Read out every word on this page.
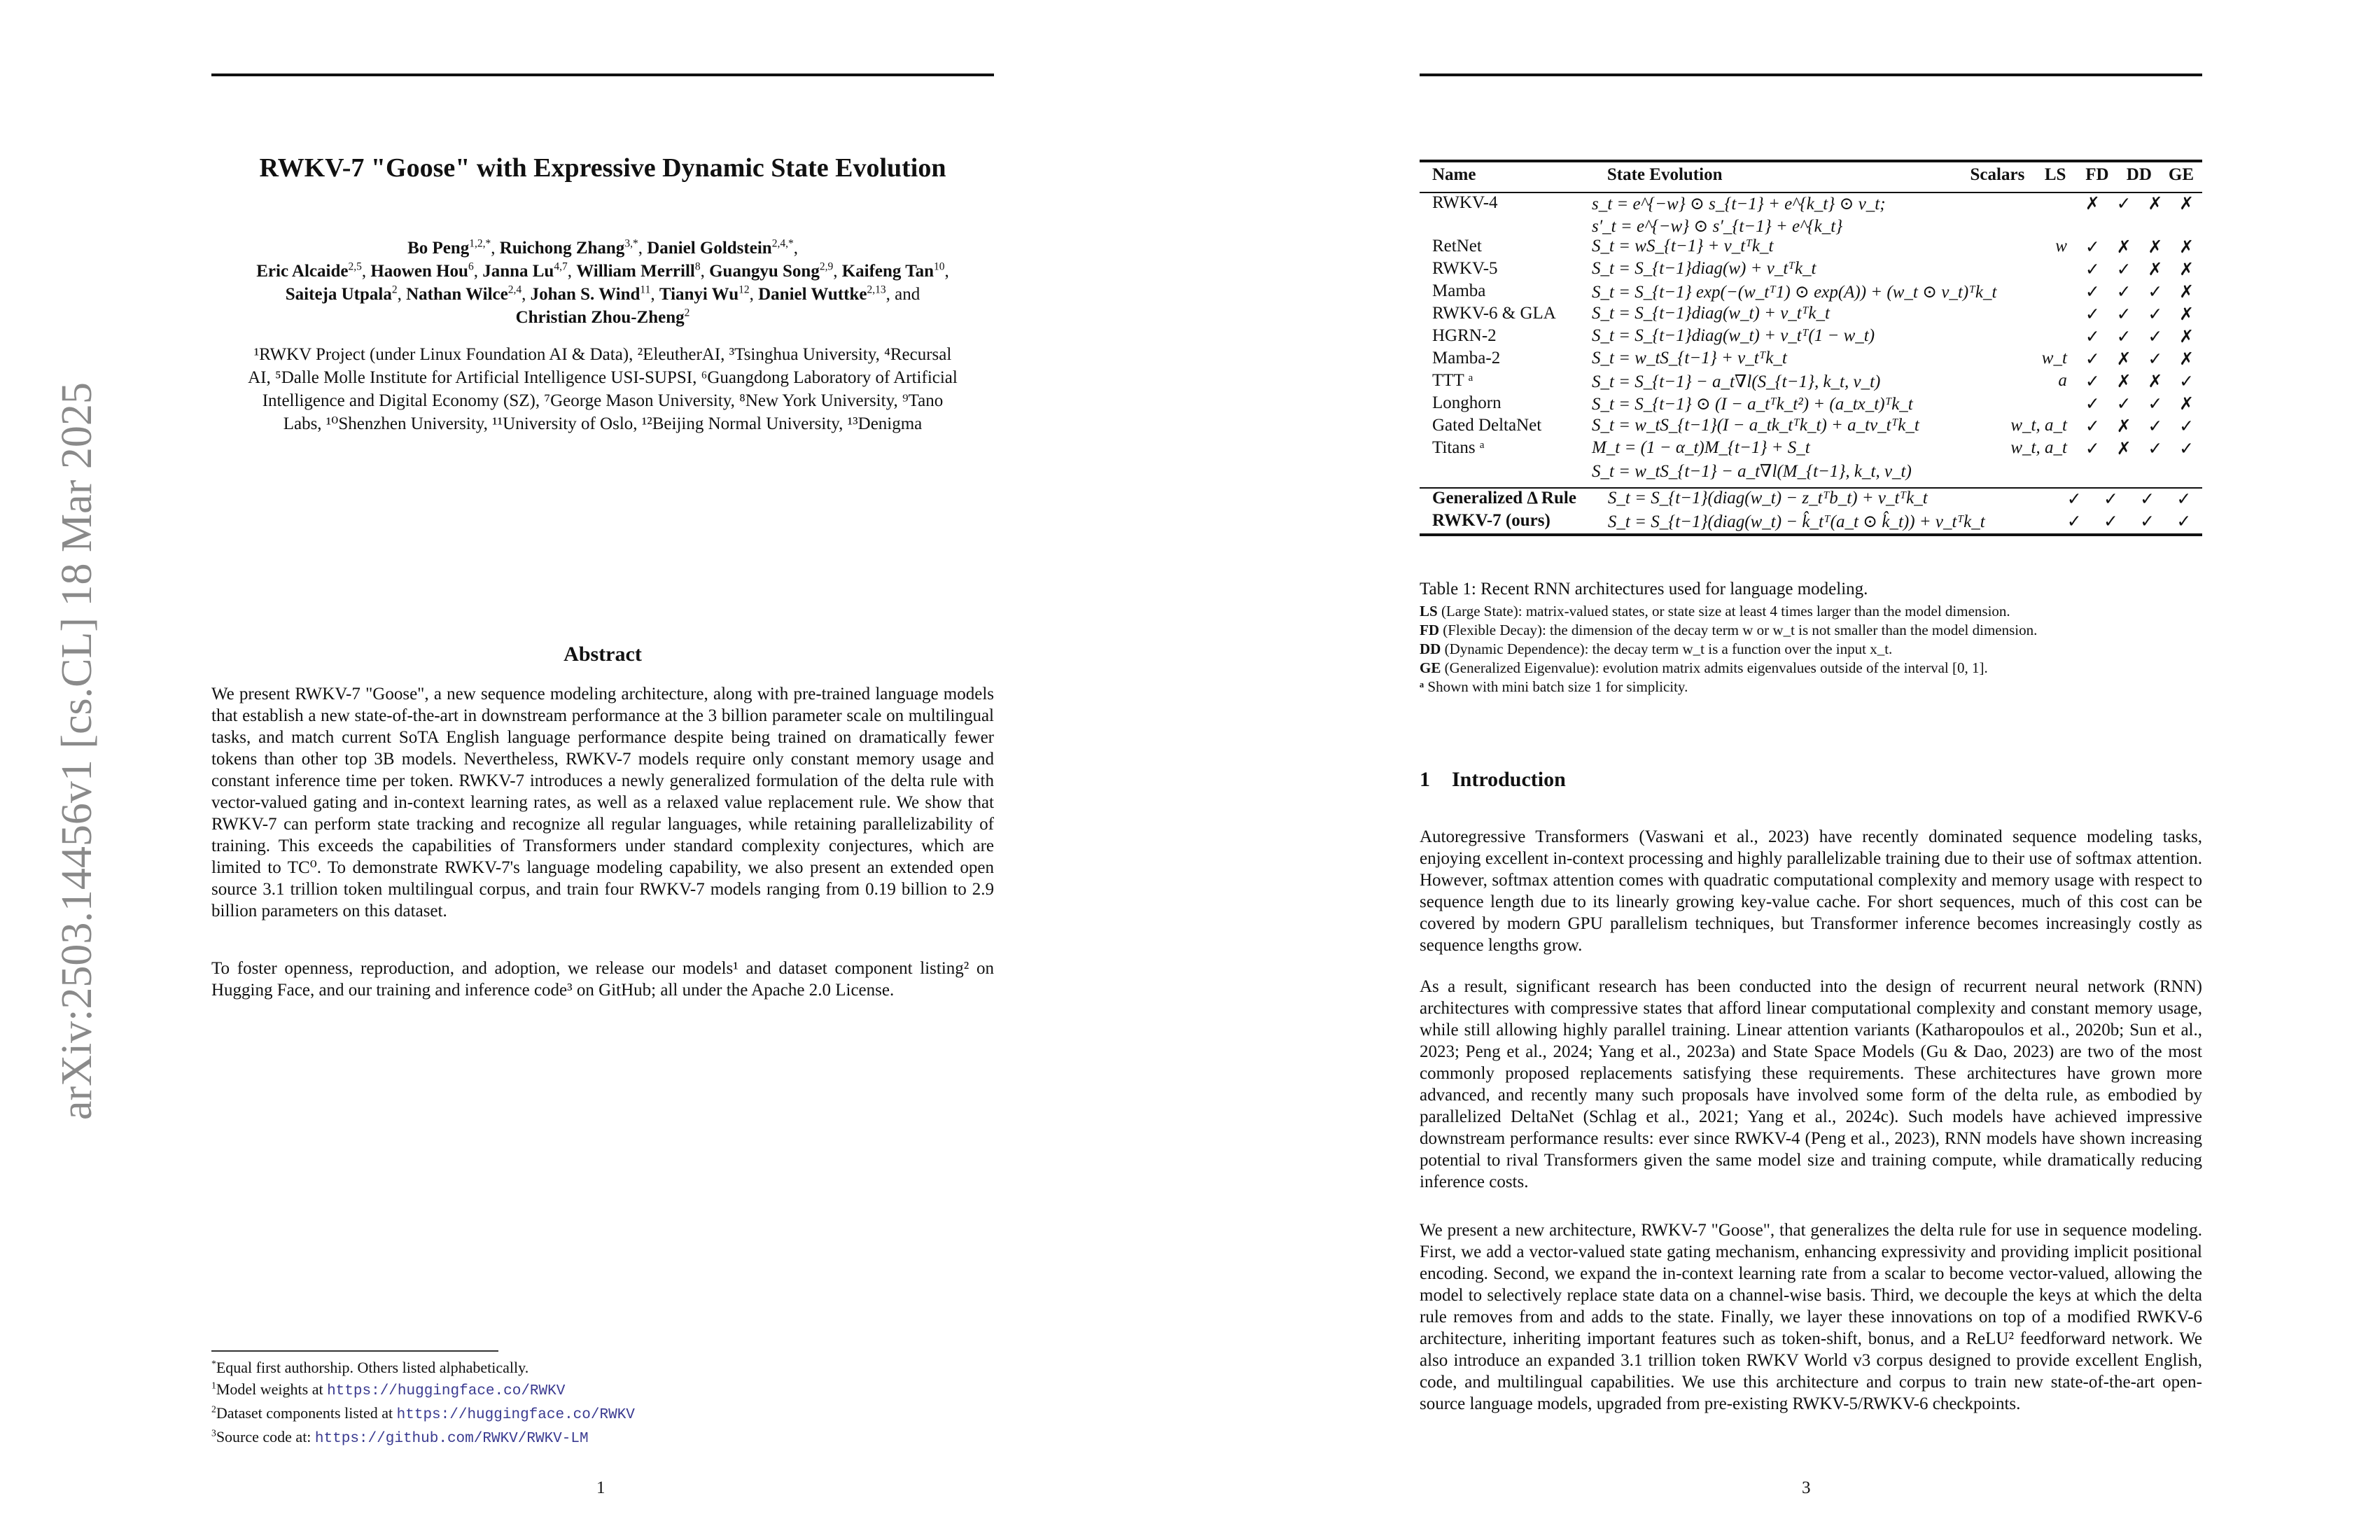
RWKV-7 "Goose" with Expressive Dynamic State Evolution
Bo Peng$^{1,2,*}$, Ruichong Zhang$^{3,*}$, Daniel Goldstein$^{2,4,*}$,
Eric Alcaide$^{2,5}$, Haowen Hou$^6$, Janna Lu$^{4,7}$, William Merrill$^8$, Guangyu Song$^{2,9}$, Kaifeng Tan$^{10}$,
Saiteja Utpala$^2$, Nathan Wilce$^{2,4}$, Johan S. Wind$^{11}$, Tianyi Wu$^{12}$, Daniel Wuttke$^{2,13}$, and
Christian Zhou-Zheng$^2$
¹RWKV Project (under Linux Foundation AI & Data), ²EleutherAI, ³Tsinghua University, ⁴Recursal
AI, ⁵Dalle Molle Institute for Artificial Intelligence USI-SUPSI, ⁶Guangdong Laboratory of Artificial
Intelligence and Digital Economy (SZ), ⁷George Mason University, ⁸New York University, ⁹Tano
Labs, ¹⁰Shenzhen University, ¹¹University of Oslo, ¹²Beijing Normal University, ¹³Denigma
Abstract

We present RWKV-7 "Goose", a new sequence modeling architecture, along with pre-trained language models that establish a new state-of-the-art in downstream performance at the 3 billion parameter scale on multilingual tasks, and match current SoTA English language performance despite being trained on dramatically fewer tokens than other top 3B models. Nevertheless, RWKV-7 models require only constant memory usage and constant inference time per token. RWKV-7 introduces a newly generalized formulation of the delta rule with vector-valued gating and in-context learning rates, as well as a relaxed value replacement rule. We show that RWKV-7 can perform state tracking and recognize all regular languages, while retaining parallelizability of training. This exceeds the capabilities of Transformers under standard complexity conjectures, which are limited to TC⁰. To demonstrate RWKV-7's language modeling capability, we also present an extended open source 3.1 trillion token multilingual corpus, and train four RWKV-7 models ranging from 0.19 billion to 2.9 billion parameters on this dataset.

To foster openness, reproduction, and adoption, we release our models¹ and dataset component listing² on Hugging Face, and our training and inference code³ on GitHub; all under the Apache 2.0 License.

*Equal first authorship. Others listed alphabetically.
$^1$Model weights at https://huggingface.co/RWKV
$^2$Dataset components listed at https://huggingface.co/RWKV
$^3$Source code at: https://github.com/RWKV/RWKV-LM
1
arXiv:2503.14456v1 [cs.CL] 18 Mar 2025
Name	State Evolution	Scalars	LS	FD	DD	GE
RWKV-4	s_t = e^{−w} ⊙ s_{t−1} + e^{k_t} ⊙ v_t;		✗	✓	✗	✗
	s′_t = e^{−w} ⊙ s′_{t−1} + e^{k_t}					
RetNet	S_t = wS_{t−1} + v_tᵀk_t	w	✓	✗	✗	✗
RWKV-5	S_t = S_{t−1}diag(w) + v_tᵀk_t		✓	✓	✗	✗
Mamba	S_t = S_{t−1} exp(−(w_tᵀ1) ⊙ exp(A)) + (w_t ⊙ v_t)ᵀk_t		✓	✓	✓	✗
RWKV-6 & GLA	S_t = S_{t−1}diag(w_t) + v_tᵀk_t		✓	✓	✓	✗
HGRN-2	S_t = S_{t−1}diag(w_t) + v_tᵀ(1 − w_t)		✓	✓	✓	✗
Mamba-2	S_t = w_tS_{t−1} + v_tᵀk_t	w_t	✓	✗	✓	✗
TTT ᵃ	S_t = S_{t−1} − a_t∇l(S_{t−1}, k_t, v_t)	a	✓	✗	✗	✓
Longhorn	S_t = S_{t−1} ⊙ (I − a_tᵀk_t²) + (a_tx_t)ᵀk_t		✓	✓	✓	✗
Gated DeltaNet	S_t = w_tS_{t−1}(I − a_tk_tᵀk_t) + a_tv_tᵀk_t	w_t, a_t	✓	✗	✓	✓
Titans ᵃ	M_t = (1 − α_t)M_{t−1} + S_t	w_t, a_t	✓	✗	✓	✓
	S_t = w_tS_{t−1} − a_t∇l(M_{t−1}, k_t, v_t)					
Generalized Δ Rule	S_t = S_{t−1}(diag(w_t) − z_tᵀb_t) + v_tᵀk_t		✓	✓	✓	✓
RWKV-7 (ours)	S_t = S_{t−1}(diag(w_t) − k̂_tᵀ(a_t ⊙ k̂_t)) + v_tᵀk_t		✓	✓	✓	✓
Table 1: Recent RNN architectures used for language modeling.
LS (Large State): matrix-valued states, or state size at least 4 times larger than the model dimension.
FD (Flexible Decay): the dimension of the decay term w or w_t is not smaller than the model dimension.
DD (Dynamic Dependence): the decay term w_t is a function over the input x_t.
GE (Generalized Eigenvalue): evolution matrix admits eigenvalues outside of the interval [0, 1].
ᵃ Shown with mini batch size 1 for simplicity.
1 Introduction

Autoregressive Transformers (Vaswani et al., 2023) have recently dominated sequence modeling tasks, enjoying excellent in-context processing and highly parallelizable training due to their use of softmax attention. However, softmax attention comes with quadratic computational complexity and memory usage with respect to sequence length due to its linearly growing key-value cache. For short sequences, much of this cost can be covered by modern GPU parallelism techniques, but Transformer inference becomes increasingly costly as sequence lengths grow.

As a result, significant research has been conducted into the design of recurrent neural network (RNN) architectures with compressive states that afford linear computational complexity and constant memory usage, while still allowing highly parallel training. Linear attention variants (Katharopoulos et al., 2020b; Sun et al., 2023; Peng et al., 2024; Yang et al., 2023a) and State Space Models (Gu & Dao, 2023) are two of the most commonly proposed replacements satisfying these requirements. These architectures have grown more advanced, and recently many such proposals have involved some form of the delta rule, as embodied by parallelized DeltaNet (Schlag et al., 2021; Yang et al., 2024c). Such models have achieved impressive downstream performance results: ever since RWKV-4 (Peng et al., 2023), RNN models have shown increasing potential to rival Transformers given the same model size and training compute, while dramatically reducing inference costs.

We present a new architecture, RWKV-7 "Goose", that generalizes the delta rule for use in sequence modeling. First, we add a vector-valued state gating mechanism, enhancing expressivity and providing implicit positional encoding. Second, we expand the in-context learning rate from a scalar to become vector-valued, allowing the model to selectively replace state data on a channel-wise basis. Third, we decouple the keys at which the delta rule removes from and adds to the state. Finally, we layer these innovations on top of a modified RWKV-6 architecture, inheriting important features such as token-shift, bonus, and a ReLU² feedforward network. We also introduce an expanded 3.1 trillion token RWKV World v3 corpus designed to provide excellent English, code, and multilingual capabilities. We use this architecture and corpus to train new state-of-the-art open-source language models, upgraded from pre-existing RWKV-5/RWKV-6 checkpoints.

3
